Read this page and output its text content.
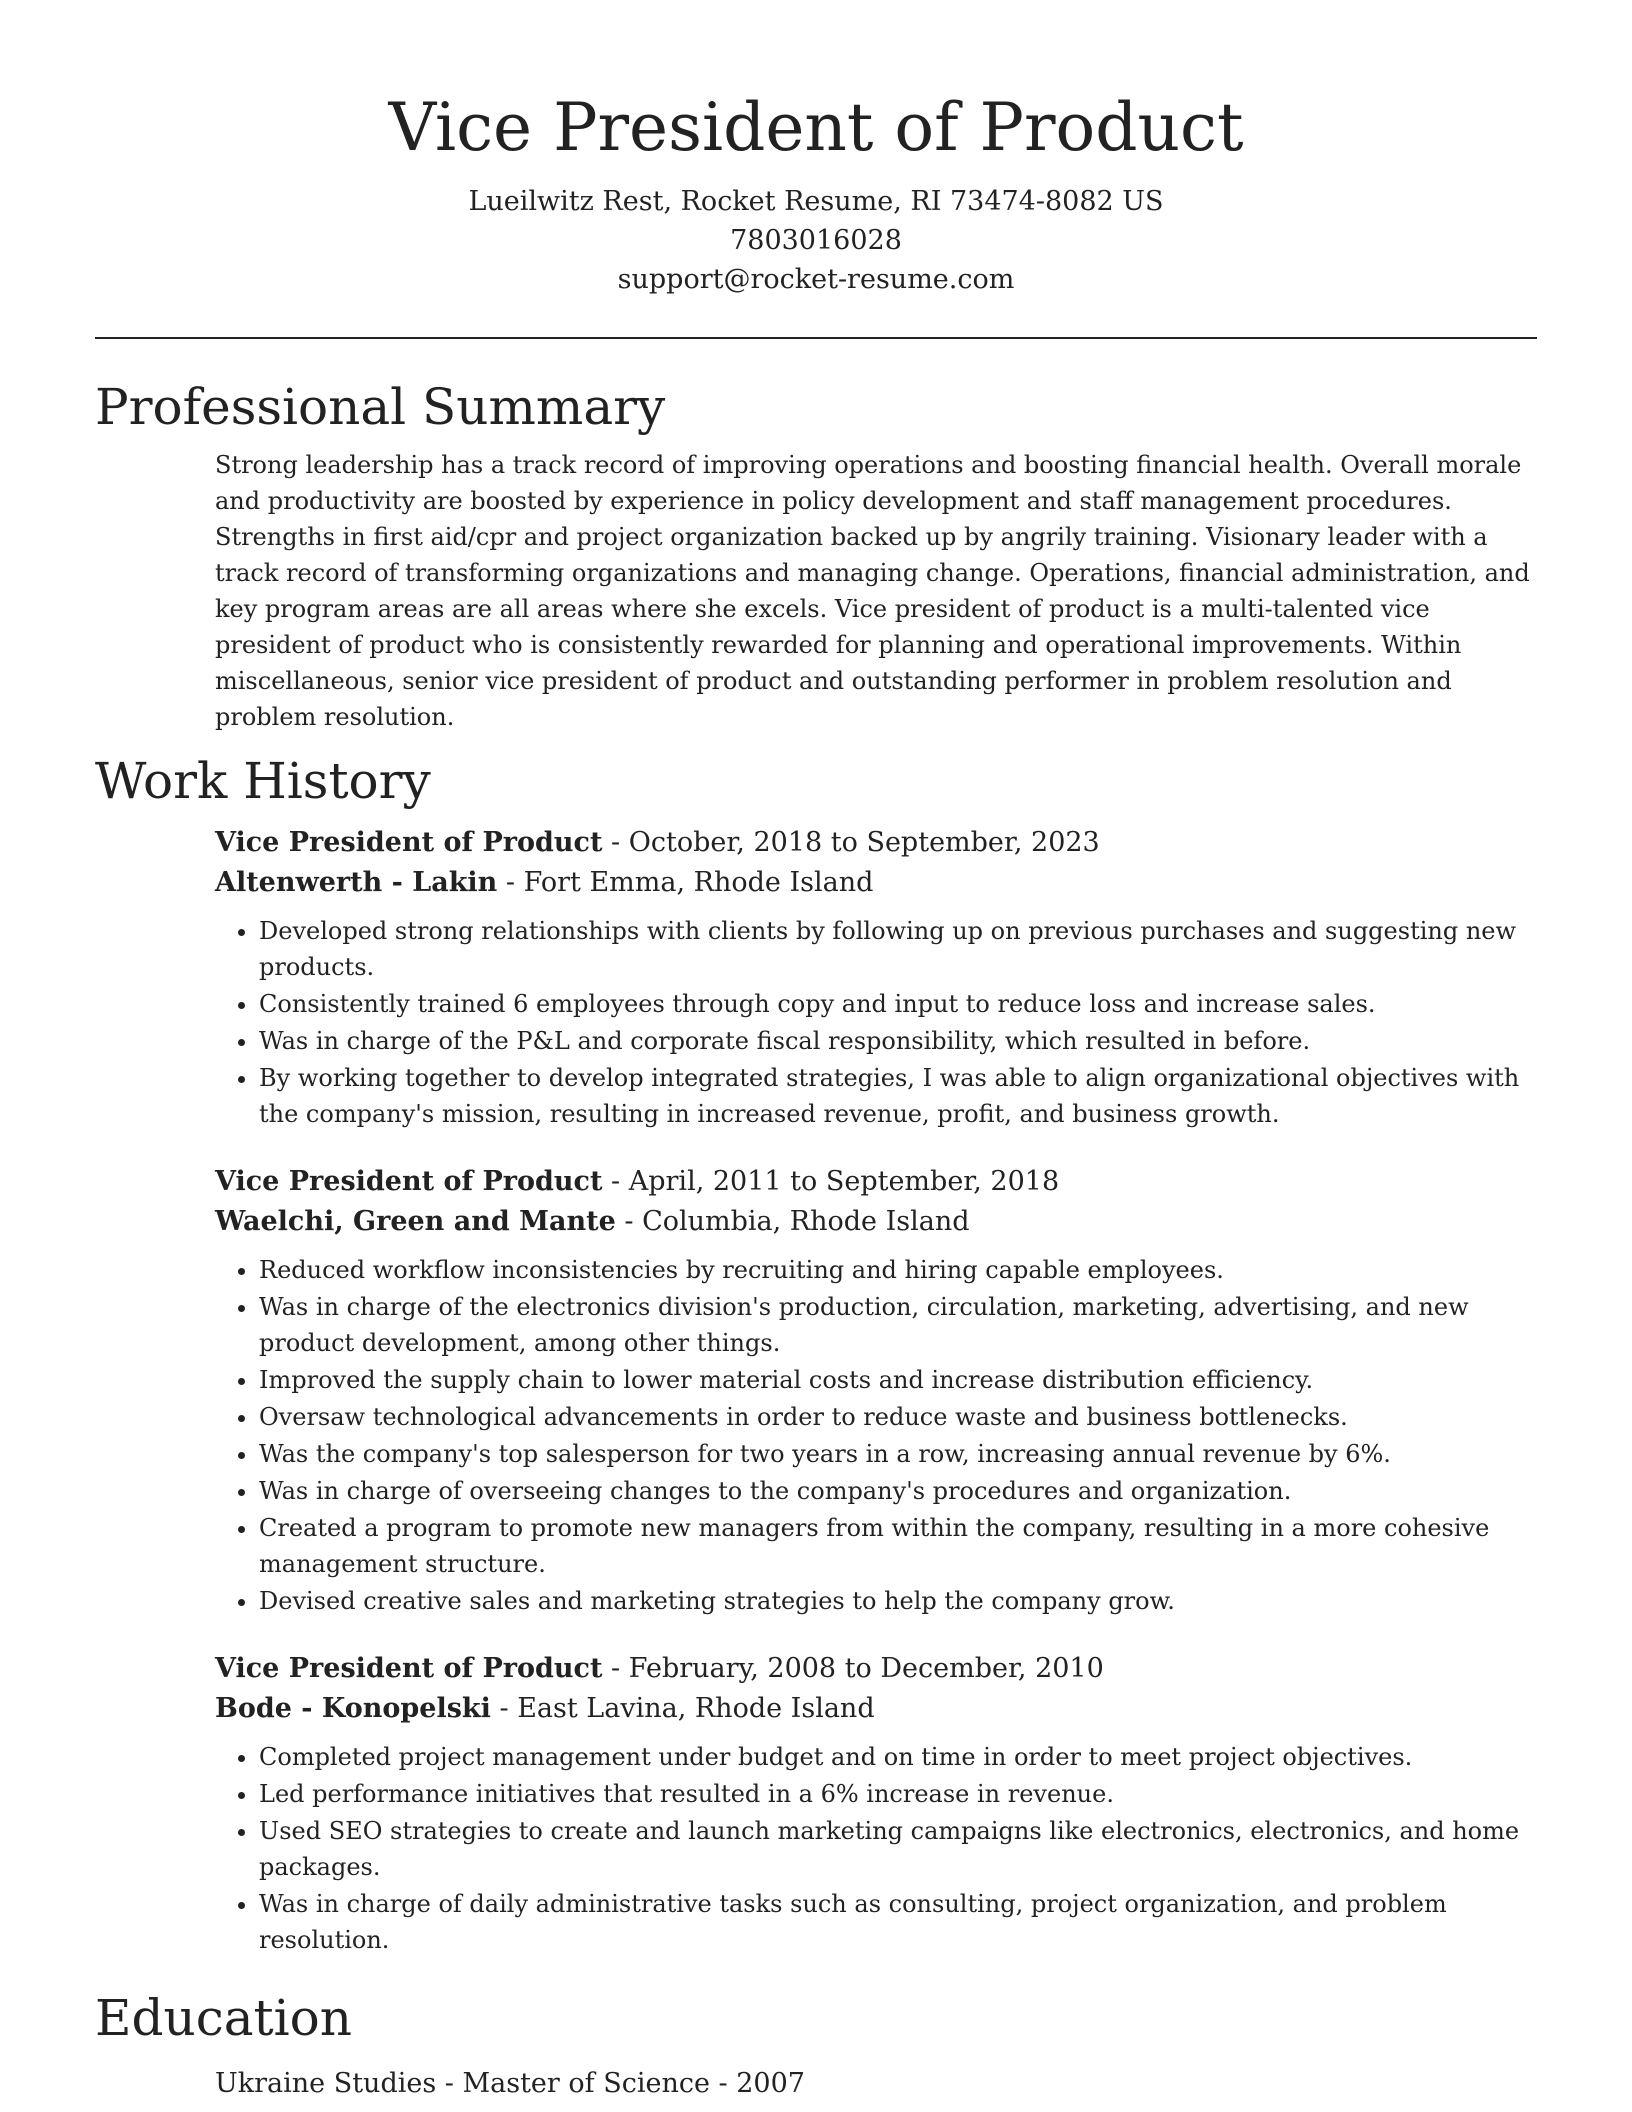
Vice President of Product
Lueilwitz Rest, Rocket Resume, RI 73474-8082 US
7803016028
support@rocket-resume.com
Professional Summary

Strong leadership has a track record of improving operations and boosting financial health. Overall morale and productivity are boosted by experience in policy development and staff management procedures. Strengths in first aid/cpr and project organization backed up by angrily training. Visionary leader with a track record of transforming organizations and managing change. Operations, financial administration, and key program areas are all areas where she excels. Vice president of product is a multi-talented vice president of product who is consistently rewarded for planning and operational improvements. Within miscellaneous, senior vice president of product and outstanding performer in problem resolution and problem resolution.

Work History
Vice President of Product - October, 2018 to September, 2023
Altenwerth - Lakin - Fort Emma, Rhode Island
• Developed strong relationships with clients by following up on previous purchases and suggesting new products.
• Consistently trained 6 employees through copy and input to reduce loss and increase sales.
• Was in charge of the P&L and corporate fiscal responsibility, which resulted in before.
• By working together to develop integrated strategies, I was able to align organizational objectives with the company's mission, resulting in increased revenue, profit, and business growth.
Vice President of Product - April, 2011 to September, 2018
Waelchi, Green and Mante - Columbia, Rhode Island
• Reduced workflow inconsistencies by recruiting and hiring capable employees.
• Was in charge of the electronics division's production, circulation, marketing, advertising, and new product development, among other things.
• Improved the supply chain to lower material costs and increase distribution efficiency.
• Oversaw technological advancements in order to reduce waste and business bottlenecks.
• Was the company's top salesperson for two years in a row, increasing annual revenue by 6%.
• Was in charge of overseeing changes to the company's procedures and organization.
• Created a program to promote new managers from within the company, resulting in a more cohesive management structure.
• Devised creative sales and marketing strategies to help the company grow.
Vice President of Product - February, 2008 to December, 2010
Bode - Konopelski - East Lavina, Rhode Island
• Completed project management under budget and on time in order to meet project objectives.
• Led performance initiatives that resulted in a 6% increase in revenue.
• Used SEO strategies to create and launch marketing campaigns like electronics, electronics, and home packages.
• Was in charge of daily administrative tasks such as consulting, project organization, and problem resolution.
Education
Ukraine Studies - Master of Science - 2007
